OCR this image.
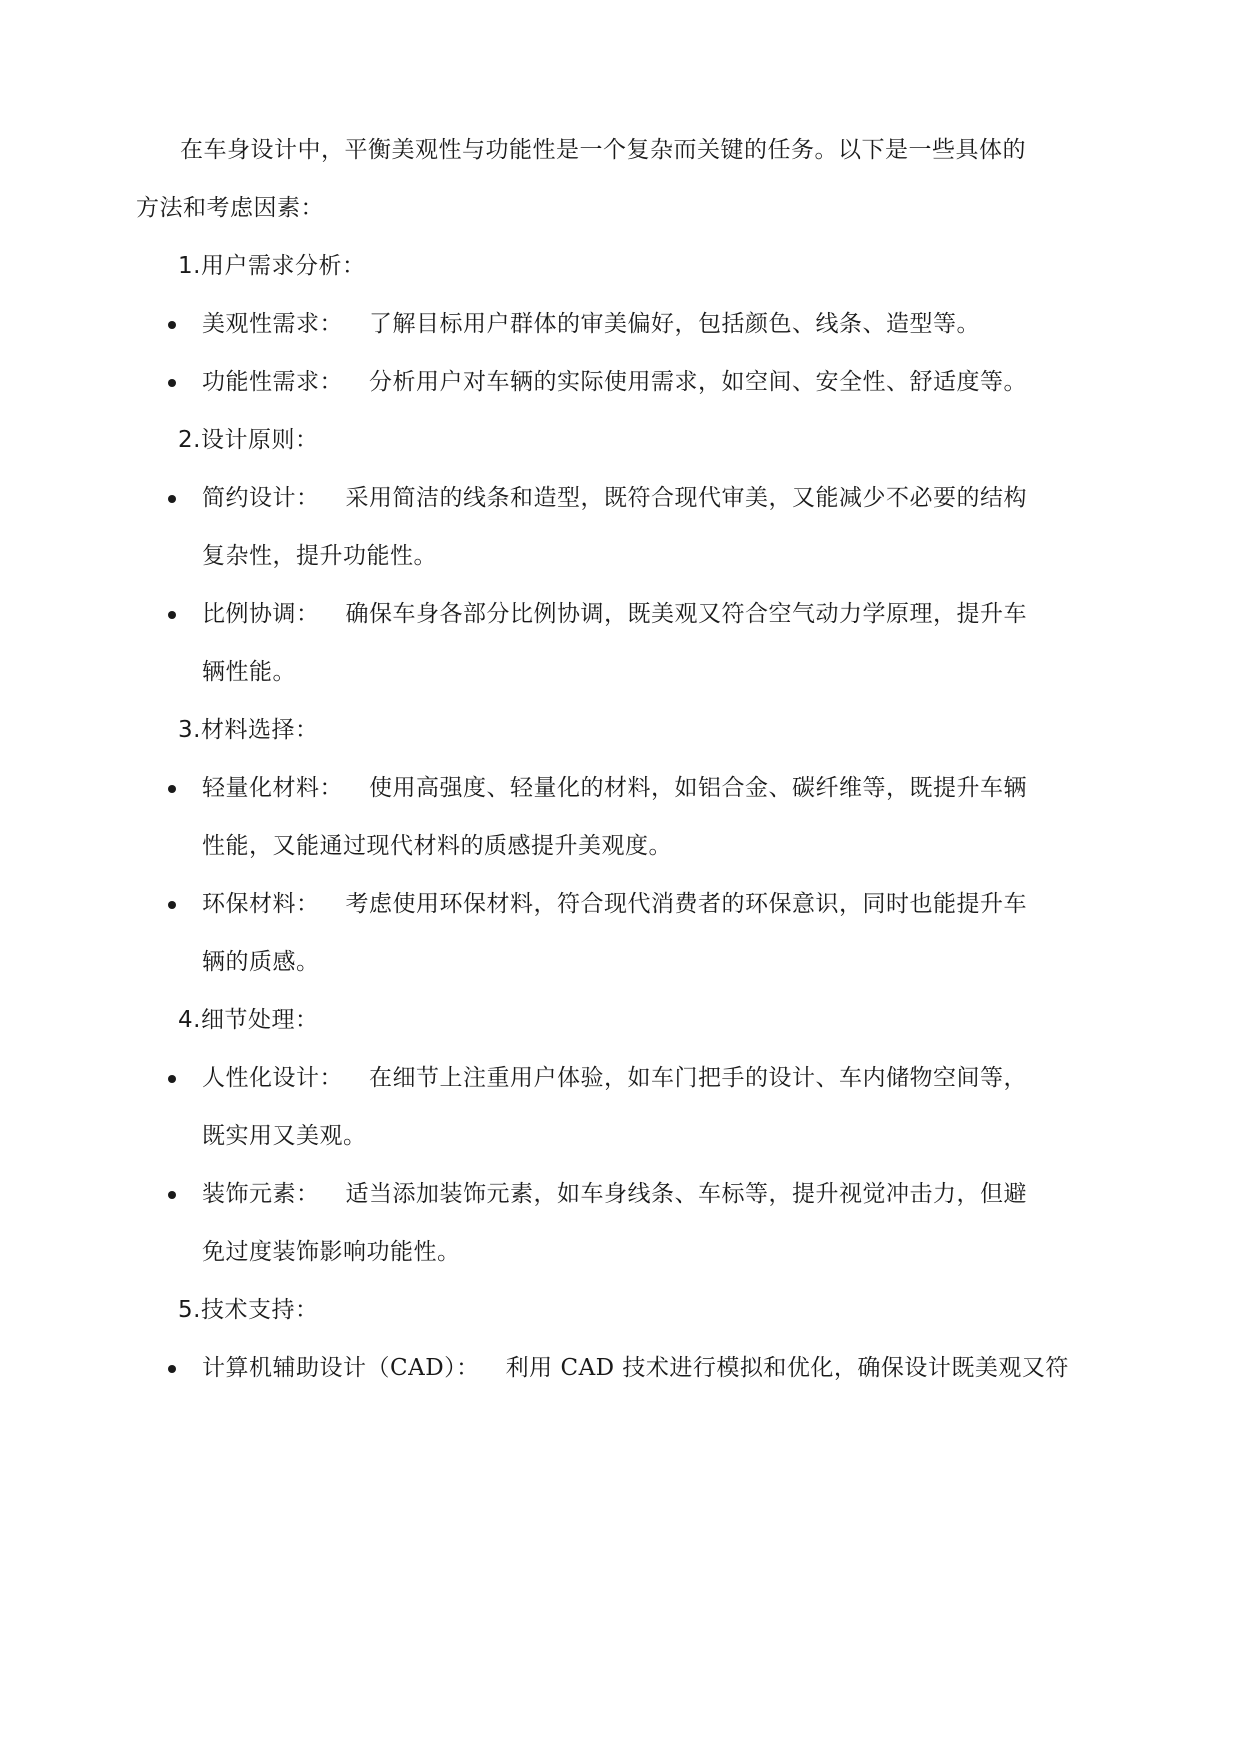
在车身设计中，平衡美观性与功能性是一个复杂而关键的任务。以下是一些具体的
方法和考虑因素：
1.用户需求分析：
美观性需求： 了解目标用户群体的审美偏好，包括颜色、线条、造型等。
功能性需求： 分析用户对车辆的实际使用需求，如空间、安全性、舒适度等。
2.设计原则：
简约设计： 采用简洁的线条和造型，既符合现代审美，又能减少不必要的结构
复杂性，提升功能性。
比例协调： 确保车身各部分比例协调，既美观又符合空气动力学原理，提升车
辆性能。
3.材料选择：
轻量化材料： 使用高强度、轻量化的材料，如铝合金、碳纤维等，既提升车辆
性能，又能通过现代材料的质感提升美观度。
环保材料： 考虑使用环保材料，符合现代消费者的环保意识，同时也能提升车
辆的质感。
4.细节处理：
人性化设计： 在细节上注重用户体验，如车门把手的设计、车内储物空间等，
既实用又美观。
装饰元素： 适当添加装饰元素，如车身线条、车标等，提升视觉冲击力，但避
免过度装饰影响功能性。
5.技术支持：
计算机辅助设计（CAD）： 利用 CAD 技术进行模拟和优化，确保设计既美观又符
